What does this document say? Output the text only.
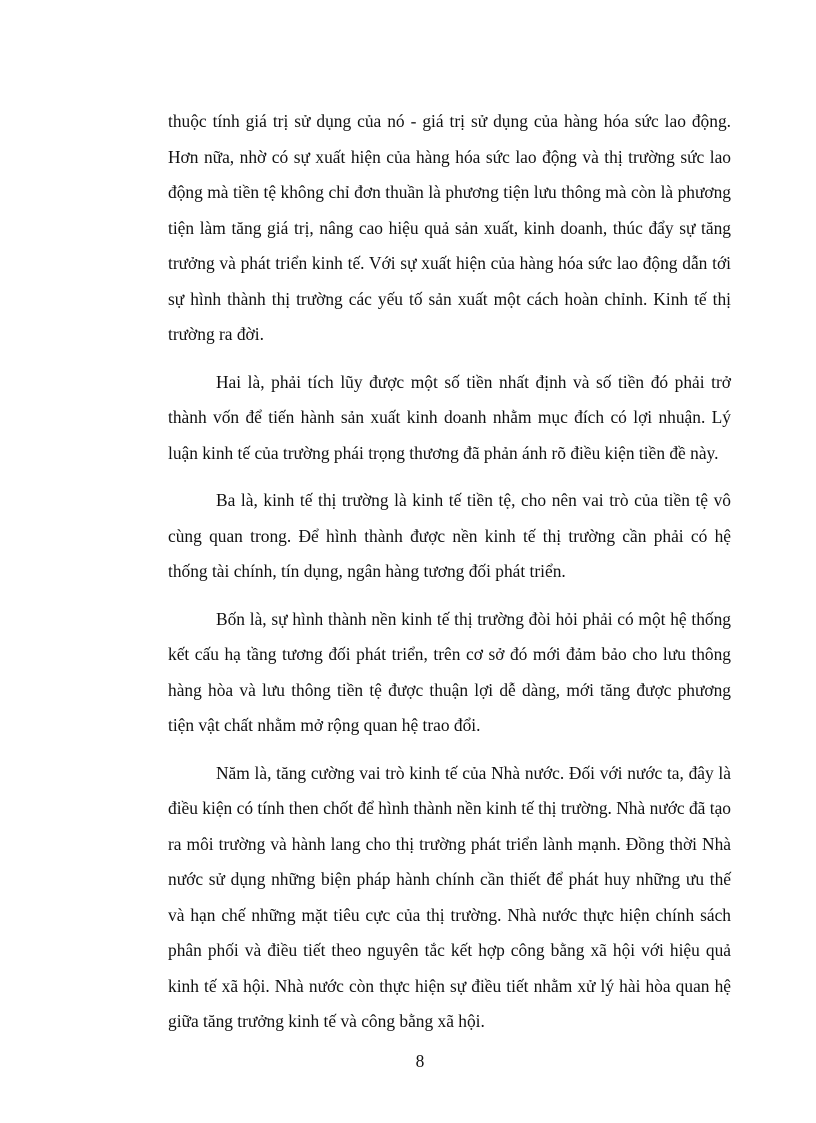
thuộc tính giá trị sử dụng của nó - giá trị sử dụng của hàng hóa sức lao động. Hơn nữa, nhờ có sự xuất hiện của hàng hóa sức lao động và thị trường sức lao động mà tiền tệ không chỉ đơn thuần là phương tiện lưu thông mà còn là phương tiện làm tăng giá trị, nâng cao hiệu quả sản xuất, kinh doanh, thúc đẩy sự tăng trưởng và phát triển kinh tế. Với sự xuất hiện của hàng hóa sức lao động dẫn tới sự hình thành thị trường các yếu tố sản xuất một cách hoàn chỉnh. Kinh tế thị trường ra đời.

Hai là, phải tích lũy được một số tiền nhất định và số tiền đó phải trở thành vốn để tiến hành sản xuất kinh doanh nhằm mục đích có lợi nhuận. Lý luận kinh tế của trường phái trọng thương đã phản ánh rõ điều kiện tiền đề này.

Ba là, kinh tế thị trường là kinh tế tiền tệ, cho nên vai trò của tiền tệ vô cùng quan trong. Để hình thành được nền kinh tế thị trường cần phải có hệ thống tài chính, tín dụng, ngân hàng tương đối phát triển.

Bốn là, sự hình thành nền kinh tế thị trường đòi hỏi phải có một hệ thống kết cấu hạ tầng tương đối phát triển, trên cơ sở đó mới đảm bảo cho lưu thông hàng hòa và lưu thông tiền tệ được thuận lợi dễ dàng, mới tăng được phương tiện vật chất nhằm mở rộng quan hệ trao đổi.

Năm là, tăng cường vai trò kinh tế của Nhà nước. Đối với nước ta, đây là điều kiện có tính then chốt để hình thành nền kinh tế thị trường. Nhà nước đã tạo ra môi trường và hành lang cho thị trường phát triển lành mạnh. Đồng thời Nhà nước sử dụng những biện pháp hành chính cần thiết để phát huy những ưu thế và hạn chế những mặt tiêu cực của thị trường. Nhà nước thực hiện chính sách phân phối và điều tiết theo nguyên tắc kết hợp công bằng xã hội với hiệu quả kinh tế xã hội. Nhà nước còn thực hiện sự điều tiết nhằm xử lý hài hòa quan hệ giữa tăng trưởng kinh tế và công bằng xã hội.

8
